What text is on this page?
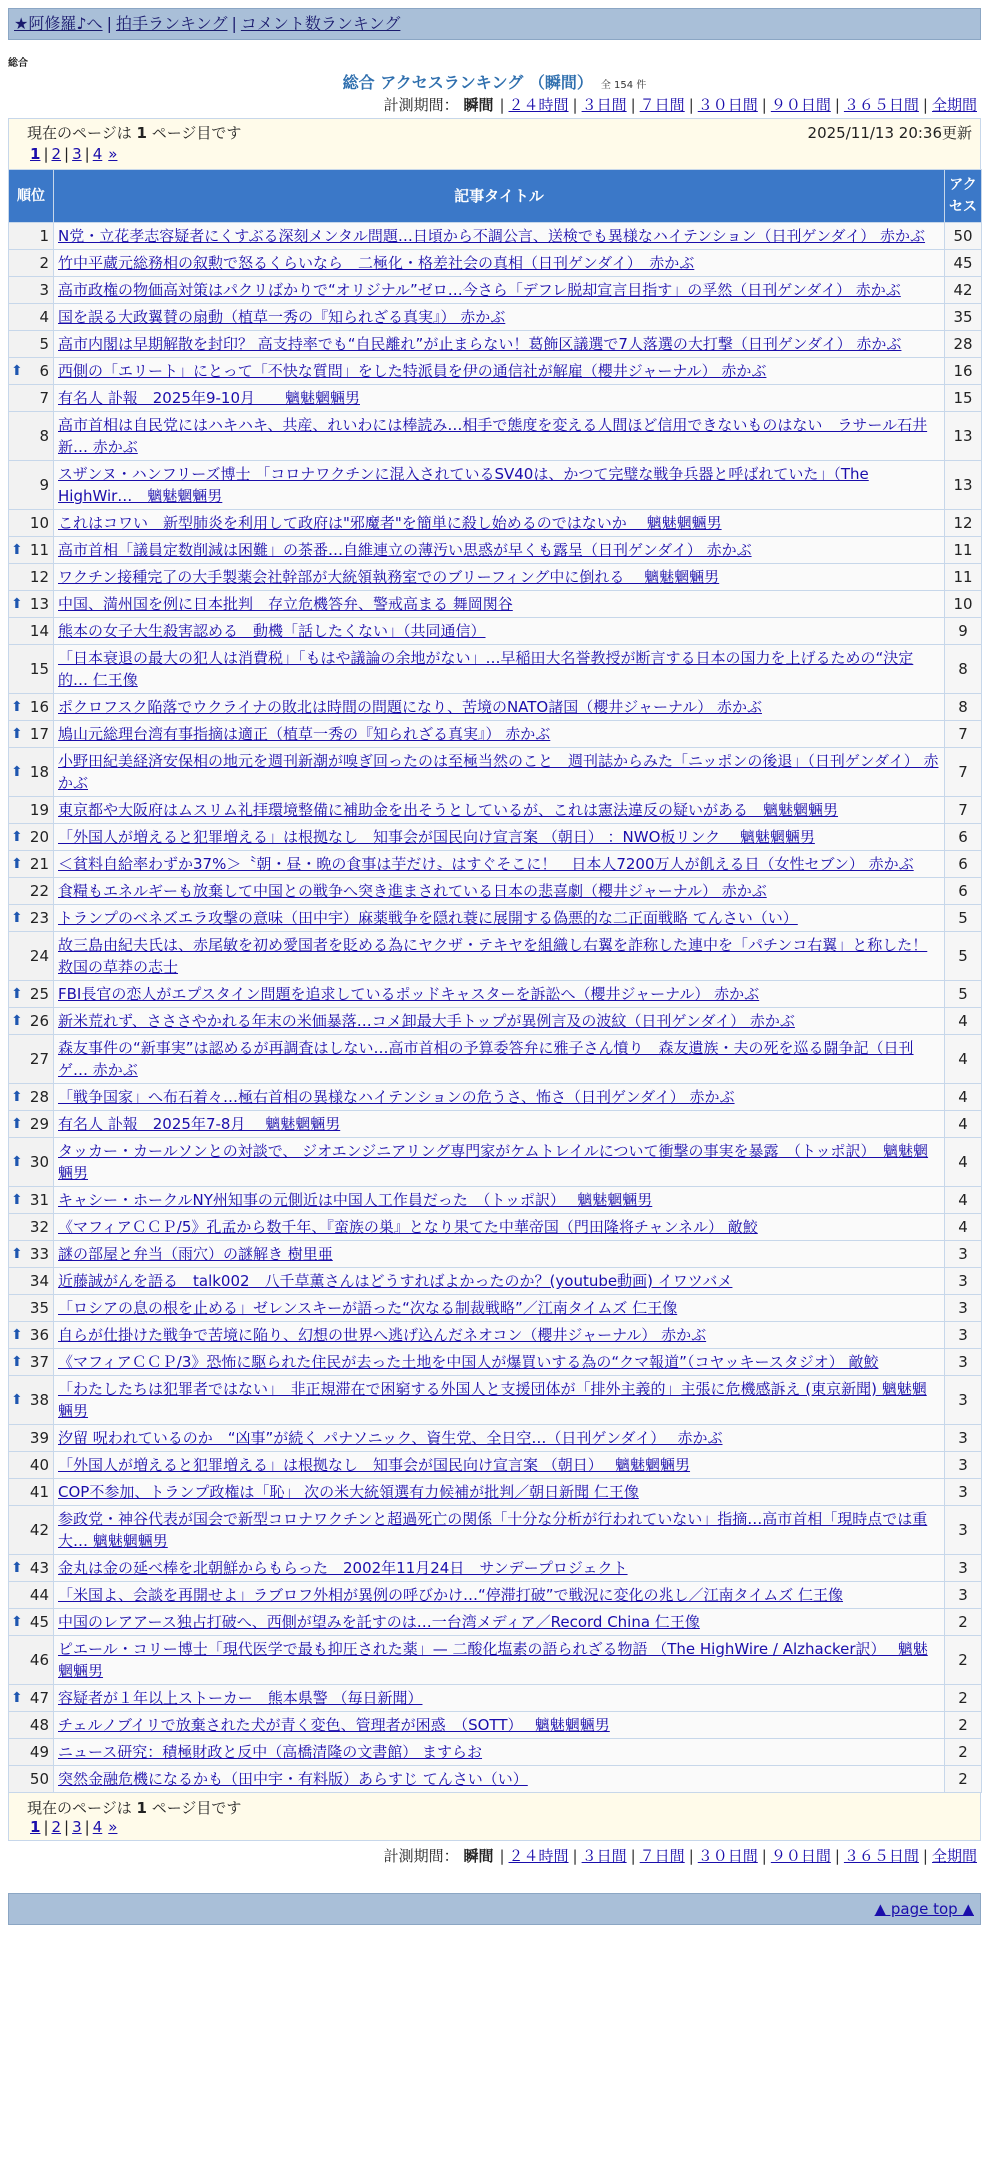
★阿修羅♪へ | 拍手ランキング | コメント数ランキング
総合
総合 アクセスランキング （瞬間） 全 154 件
計測期間： 瞬間 | ２４時間 | ３日間 | ７日間 | ３０日間 | ９０日間 | ３６５日間 | 全期間
現在のページは 1 ページ目です	2025/11/13 20:36更新
1 | 2 | 3 | 4 »
順位	記事タイトル	アクセス
1	N党・立花孝志容疑者にくすぶる深刻メンタル問題…日頃から不調公言、送検でも異様なハイテンション（日刊ゲンダイ） 赤かぶ	50
2	竹中平蔵元総務相の叙勲で怒るくらいなら　二極化・格差社会の真相（日刊ゲンダイ）　赤かぶ	45
3	高市政権の物価高対策はパクリばかりで“オリジナル”ゼロ…今さら「デフレ脱却宣言目指す」の孚然（日刊ゲンダイ） 赤かぶ	42
4	国を誤る大政翼賛の扇動（植草一秀の『知られざる真実』） 赤かぶ	35
5	高市内閣は早期解散を封印？ 高支持率でも“自民離れ”が止まらない！葛飾区議選で7人落選の大打撃（日刊ゲンダイ） 赤かぶ	28

⬆ 6	西側の「エリート」にとって「不快な質問」をした特派員を伊の通信社が解雇（櫻井ジャーナル） 赤かぶ	16
7	有名人 訃報　2025年9-10月　　魑魅魍魎男	15
8	高市首相は自民党にはハキハキ、共産、れいわには棒読み…相手で態度を変える人間ほど信用できないものはない　ラサール石井 新… 赤かぶ	13
9	スザンヌ・ハンフリーズ博士 「コロナワクチンに混入されているSV40は、かつて完璧な戦争兵器と呼ばれていた」（The HighWir…　魑魅魍魎男	13
10	これはコワい　新型肺炎を利用して政府は"邪魔者"を簡単に殺し始めるのではないか　 魑魅魍魎男	12

⬆ 11	高市首相「議員定数削減は困難」の茶番…自維連立の薄汚い思惑が早くも露呈（日刊ゲンダイ） 赤かぶ	11
12	ワクチン接種完了の大手製薬会社幹部が大統領執務室でのブリーフィング中に倒れる　 魑魅魍魎男	11

⬆ 13	中国、満州国を例に日本批判　存立危機答弁、警戒高まる 舞岡関谷	10
14	熊本の女子大生殺害認める　動機「話したくない」（共同通信）	9
15	「日本衰退の最大の犯人は消費税」「もはや議論の余地がない」…早稲田大名誉教授が断言する日本の国力を上げるための“決定的… 仁王像	8

⬆ 16	ポクロフスク陥落でウクライナの敗北は時間の問題になり、苦境のNATO諸国（櫻井ジャーナル） 赤かぶ	8

⬆ 17	鳩山元総理台湾有事指摘は適正（植草一秀の『知られざる真実』） 赤かぶ	7

⬆ 18	小野田紀美経済安保相の地元を週刊新潮が嗅ぎ回ったのは至極当然のこと　週刊誌からみた「ニッポンの後退」（日刊ゲンダイ） 赤かぶ	7
19	東京都や大阪府はムスリム礼拝環境整備に補助金を出そうとしているが、これは憲法違反の疑いがある　魑魅魍魎男	7

⬆ 20	「外国人が増えると犯罪増える」は根拠なし　知事会が国民向け宣言案 （朝日） ：NWO板リンク　 魑魅魍魎男	6

⬆ 21	＜貧料自給率わずか37%＞〝朝・昼・晩の食事は芋だけ〟はすぐそこに！　日本人7200万人が飢える日（女性セブン） 赤かぶ	6
22	食糧もエネルギーも放棄して中国との戦争へ突き進まされている日本の悲喜劇（櫻井ジャーナル） 赤かぶ	6

⬆ 23	トランプのベネズエラ攻撃の意味（田中宇）麻薬戦争を隠れ蓑に展開する偽悪的な二正面戦略 てんさい（い）	5
24	故三島由紀夫氏は、赤尾敏を初め愛国者を貶める為にヤクザ・テキヤを組織し右翼を詐称した連中を「パチンコ右翼」と称した！ 救国の草莽の志士	5

⬆ 25	FBI長官の恋人がエプスタイン問題を追求しているポッドキャスターを訴訟へ（櫻井ジャーナル） 赤かぶ	5

⬆ 26	新米荒れず、さささやかれる年末の米価暴落…コメ卸最大手トップが異例言及の波紋（日刊ゲンダイ） 赤かぶ	4
27	森友事件の“新事実”は認めるが再調査はしない…高市首相の予算委答弁に雅子さん憤り　森友遺族・夫の死を巡る闘争記（日刊ゲ… 赤かぶ	4

⬆ 28	「戦争国家」へ布石着々…極右首相の異様なハイテンションの危うさ、怖さ（日刊ゲンダイ） 赤かぶ	4

⬆ 29	有名人 訃報　2025年7-8月　 魑魅魍魎男	4

⬆ 30	タッカー・カールソンとの対談で、 ジオエンジニアリング専門家がケムトレイルについて衝撃の事実を暴露　（トッポ訳）　魑魅魍魎男	4

⬆ 31	キャシー・ホークルNY州知事の元側近は中国人工作員だった　（トッポ訳）　 魑魅魍魎男	4
32	《マフィアＣＣＰ/5》孔孟から数千年、『蛮族の巣』となり果てた中華帝国（門田隆将チャンネル） 敵鮫	4

⬆ 33	謎の部屋と弁当（雨穴）の謎解き 樹里亜	3
34	近藤誠がんを語る　talk002　八千草薫さんはどうすればよかったのか？(youtube動画) イワツバメ	3
35	「ロシアの息の根を止める」ゼレンスキーが語った“次なる制裁戦略”／江南タイムズ 仁王像	3

⬆ 36	自らが仕掛けた戦争で苦境に陥り、幻想の世界へ逃げ込んだネオコン（櫻井ジャーナル） 赤かぶ	3

⬆ 37	《マフィアＣＣＰ/3》恐怖に駆られた住民が去った土地を中国人が爆買いする為の“クマ報道”（コヤッキースタジオ） 敵鮫	3

⬆ 38	「わたしたちは犯罪者ではない」　非正規滞在で困窮する外国人と支援団体が「排外主義的」主張に危機感訴え (東京新聞) 魑魅魍魎男	3
39	汐留 呪われているのか　“凶事”が続く パナソニック、資生党、全日空…（日刊ゲンダイ）　 赤かぶ	3
40	「外国人が増えると犯罪増える」は根拠なし　知事会が国民向け宣言案 （朝日）　 魑魅魍魎男	3
41	COP不参加、トランプ政権は「恥」 次の米大統領選有力候補が批判／朝日新聞 仁王像	3
42	参政党・神谷代表が国会で新型コロナワクチンと超過死亡の関係「十分な分析が行われていない」指摘…高市首相「現時点では重大… 魑魅魍魎男	3

⬆ 43	金丸は金の延べ棒を北朝鮮からもらった　2002年11月24日　サンデープロジェクト	3
44	「米国よ、会談を再開せよ」ラブロフ外相が異例の呼びかけ…“停滞打破”で戦況に変化の兆し／江南タイムズ 仁王像	3

⬆ 45	中国のレアアース独占打破へ、西側が望みを託すのは…一台湾メディア／Record China 仁王像	2
46	ピエール・コリー博士「現代医学で最も抑圧された薬」— 二酸化塩素の語られざる物語 （The HighWire / Alzhacker訳）　 魑魅魍魎男	2

⬆ 47	容疑者が１年以上ストーカー　熊本県警 （毎日新聞）	2
48	チェルノブイリで放棄された犬が青く変色、管理者が困惑　（SOTT）　 魑魅魍魎男	2
49	ニュース研究：積極財政と反中（高橋清隆の文書館） ますらお	2
50	突然金融危機になるかも（田中宇・有料版）あらすじ てんさい（い）	2
現在のページは 1 ページ目です
1 | 2 | 3 | 4 »
計測期間： 瞬間 | ２４時間 | ３日間 | ７日間 | ３０日間 | ９０日間 | ３６５日間 | 全期間
▲ page top ▲
